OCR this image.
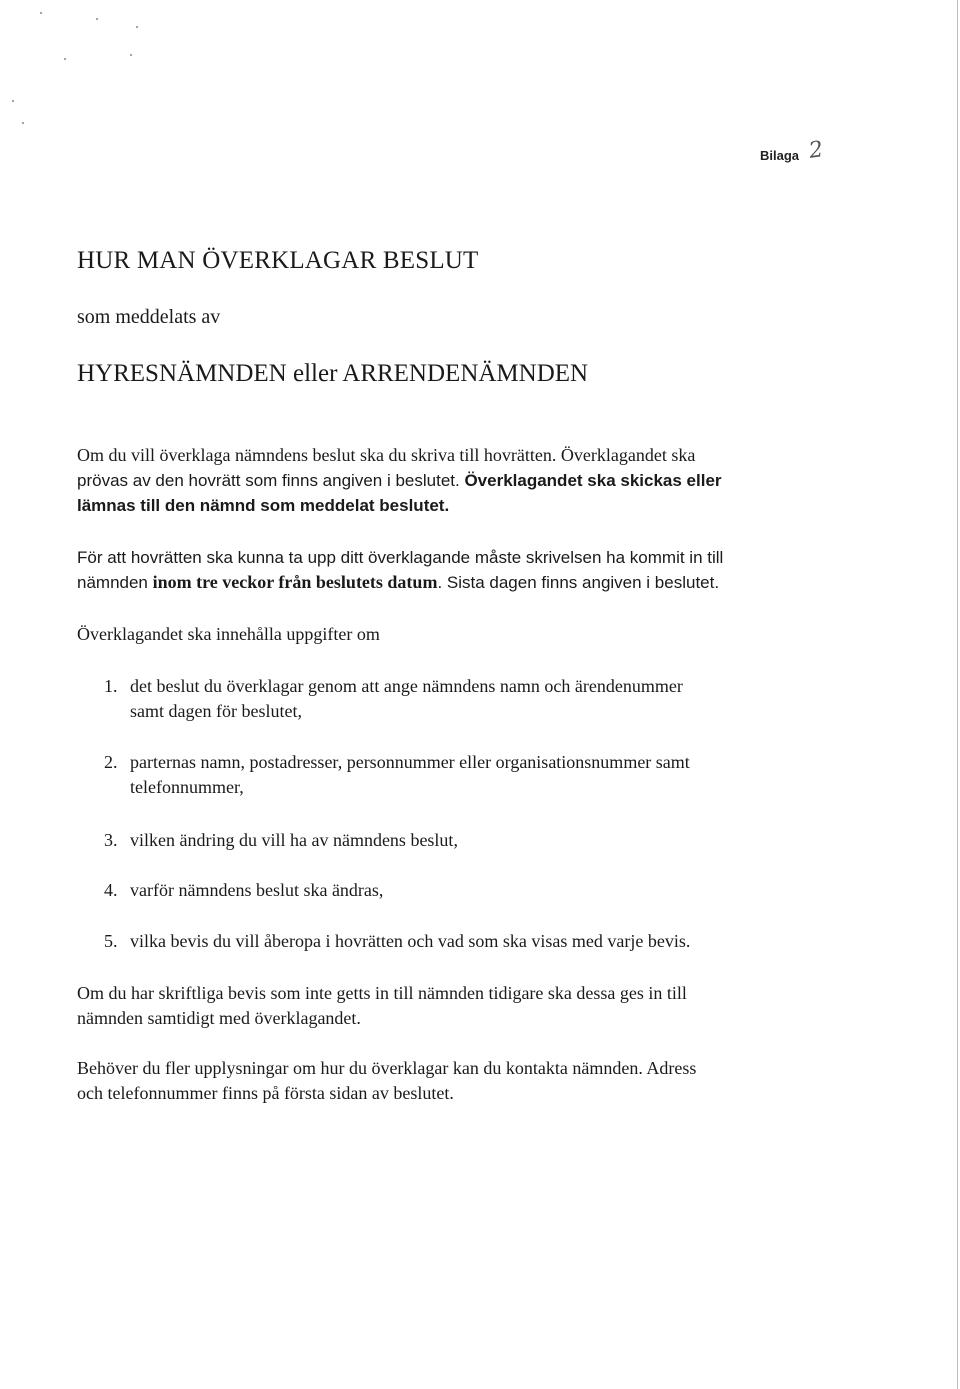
Bilaga 2
HUR MAN ÖVERKLAGAR BESLUT
som meddelats av
HYRESNÄMNDEN eller ARRENDENÄMNDEN
Om du vill överklaga nämndens beslut ska du skriva till hovrätten. Överklagandet ska
prövas av den hovrätt som finns angiven i beslutet. Överklagandet ska skickas eller
lämnas till den nämnd som meddelat beslutet.
För att hovrätten ska kunna ta upp ditt överklagande måste skrivelsen ha kommit in till
nämnden inom tre veckor från beslutets datum. Sista dagen finns angiven i beslutet.
Överklagandet ska innehålla uppgifter om
1. det beslut du överklagar genom att ange nämndens namn och ärendenummer
samt dagen för beslutet,
2. parternas namn, postadresser, personnummer eller organisationsnummer samt
telefonnummer,
3. vilken ändring du vill ha av nämndens beslut,
4. varför nämndens beslut ska ändras,
5. vilka bevis du vill åberopa i hovrätten och vad som ska visas med varje bevis.
Om du har skriftliga bevis som inte getts in till nämnden tidigare ska dessa ges in till
nämnden samtidigt med överklagandet.
Behöver du fler upplysningar om hur du överklagar kan du kontakta nämnden. Adress
och telefonnummer finns på första sidan av beslutet.
